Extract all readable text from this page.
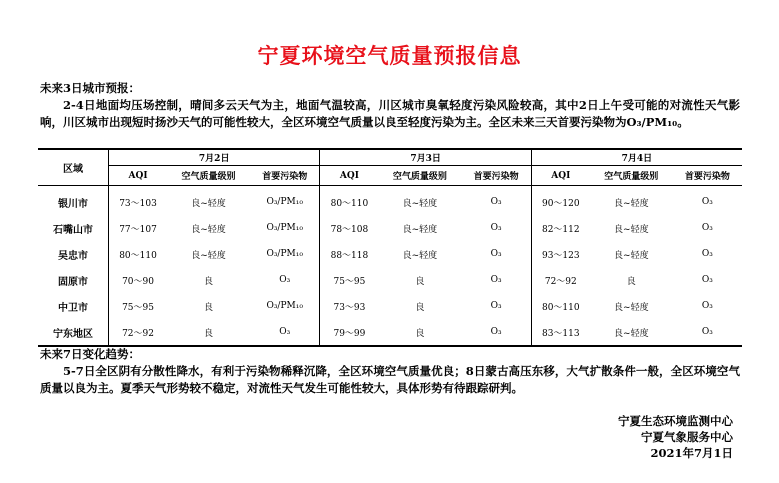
宁夏环境空气质量预报信息
未来3日城市预报：
2-4日地面均压场控制，晴间多云天气为主，地面气温较高，川区城市臭氧轻度污染风险较高，其中2日上午受可能的对流性天气影响，川区城市出现短时扬沙天气的可能性较大，全区环境空气质量以良至轻度污染为主。全区未来三天首要污染物为O₃/PM₁₀。
区域	7月2日			7月3日			7月4日		
	AQI	空气质量级别	首要污染物	AQI	空气质量级别	首要污染物	AQI	空气质量级别	首要污染物
银川市	73～103	良~轻度	O₃/PM₁₀	80～110	良~轻度	O₃	90～120	良~轻度	O₃
石嘴山市	77～107	良~轻度	O₃/PM₁₀	78～108	良~轻度	O₃	82～112	良~轻度	O₃
吴忠市	80～110	良~轻度	O₃/PM₁₀	88～118	良~轻度	O₃	93～123	良~轻度	O₃
固原市	70～90	良	O₃	75～95	良	O₃	72～92	良	O₃
中卫市	75～95	良	O₃/PM₁₀	73～93	良	O₃	80～110	良~轻度	O₃
宁东地区	72～92	良	O₃	79～99	良	O₃	83～113	良~轻度	O₃
未来7日变化趋势：
5-7日全区阴有分散性降水，有利于污染物稀释沉降，全区环境空气质量优良；8日蒙古高压东移，大气扩散条件一般，全区环境空气质量以良为主。夏季天气形势较不稳定，对流性天气发生可能性较大，具体形势有待跟踪研判。
宁夏生态环境监测中心
宁夏气象服务中心
2021年7月1日
